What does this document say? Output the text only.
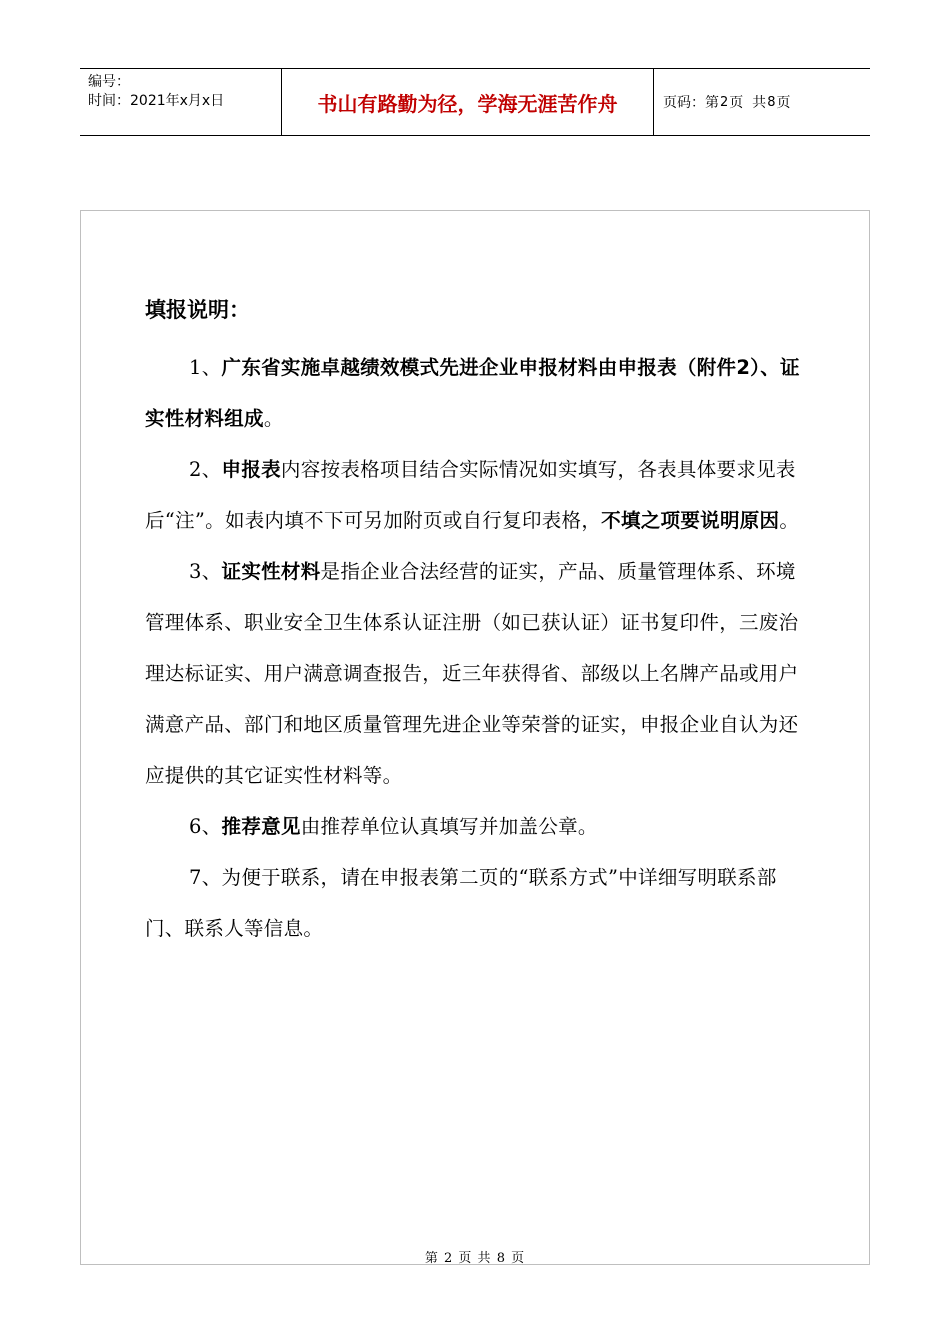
编号：
时间：2021年x月x日	书山有路勤为径，学海无涯苦作舟	页码：第 2 页  共 8 页
填报说明：

1、广东省实施卓越绩效模式先进企业申报材料由申报表（附件2）、证实性材料组成。

2、申报表内容按表格项目结合实际情况如实填写，各表具体要求见表后“注”。如表内填不下可另加附页或自行复印表格，不填之项要说明原因。

3、证实性材料是指企业合法经营的证实，产品、质量管理体系、环境管理体系、职业安全卫生体系认证注册（如已获认证）证书复印件，三废治理达标证实、用户满意调查报告，近三年获得省、部级以上名牌产品或用户满意产品、部门和地区质量管理先进企业等荣誉的证实，申报企业自认为还应提供的其它证实性材料等。

6、推荐意见由推荐单位认真填写并加盖公章。

7、为便于联系，请在申报表第二页的“联系方式”中详细写明联系部门、联系人等信息。

第 2 页 共 8 页
